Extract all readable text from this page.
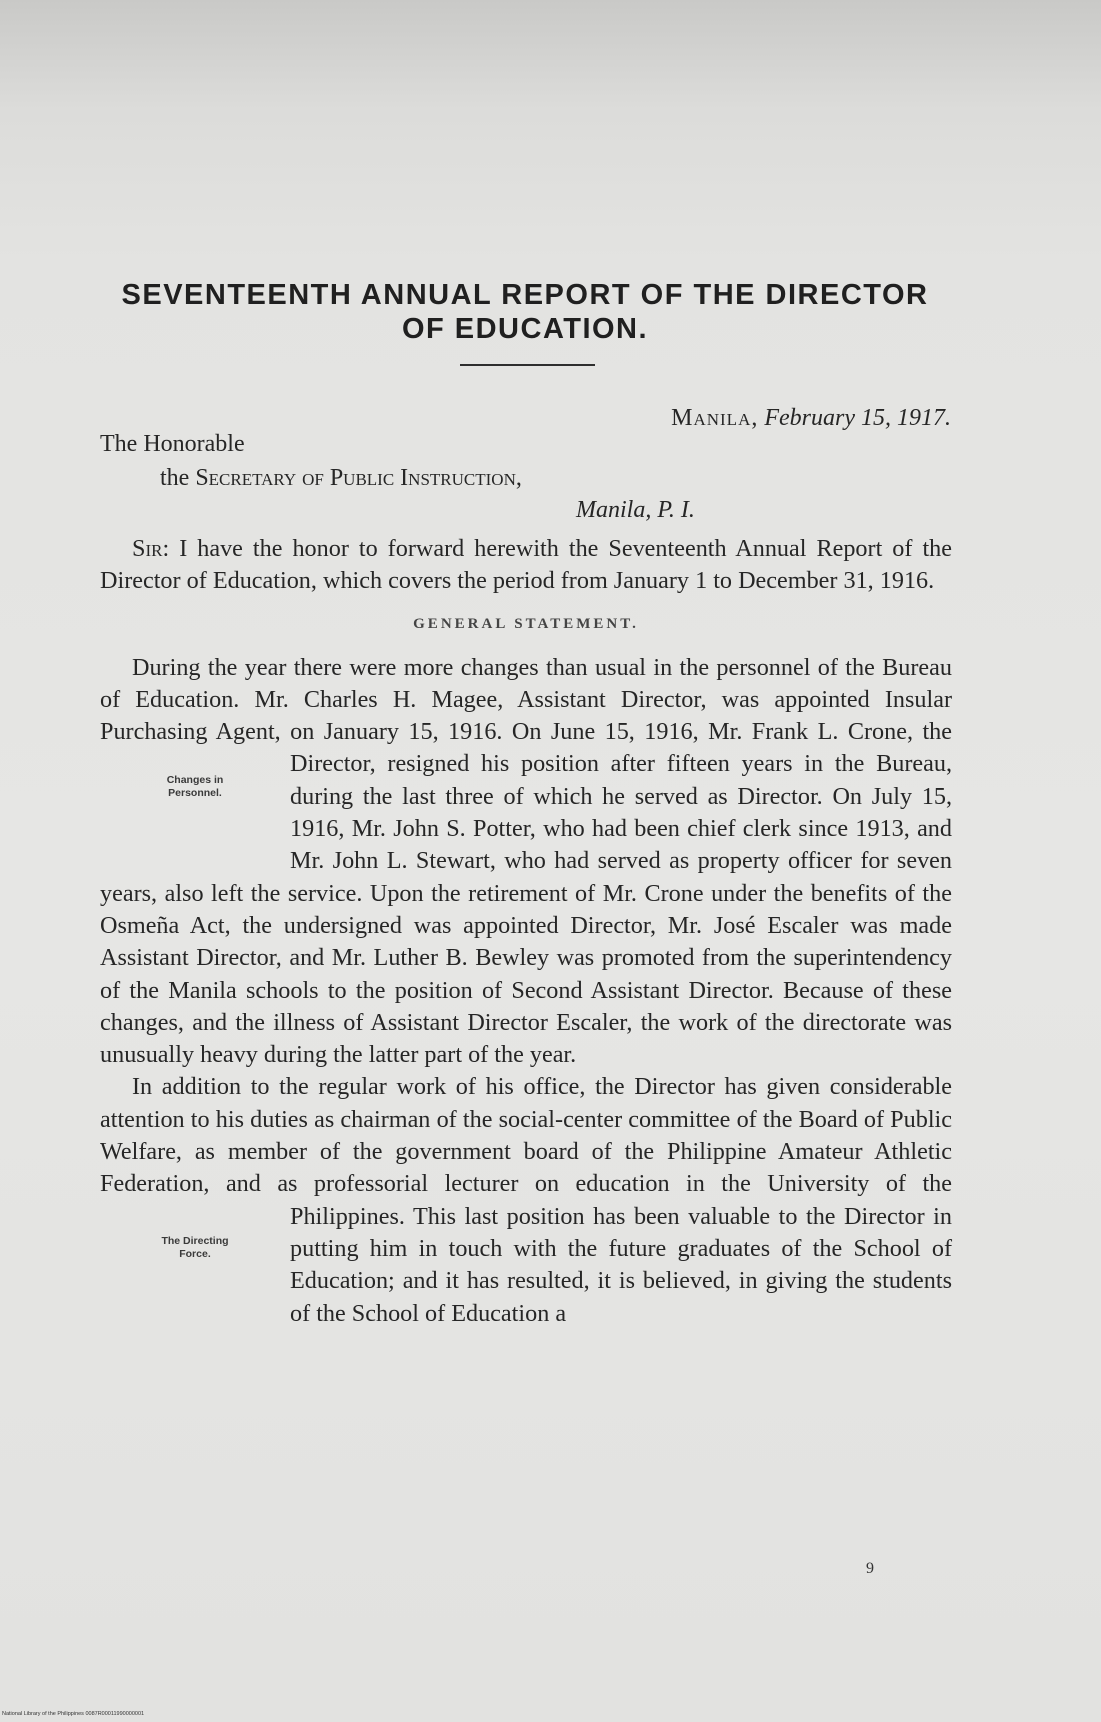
SEVENTEENTH ANNUAL REPORT OF THE DIRECTOR
OF EDUCATION.
Manila, February 15, 1917.
The Honorable
the Secretary of Public Instruction,
Manila, P. I.

Sir: I have the honor to forward herewith the Seventeenth Annual Report of the Director of Education, which covers the period from January 1 to December 31, 1916.

GENERAL STATEMENT.
Changes in
Personnel.
The Directing
Force.

During the year there were more changes than usual in the personnel of the Bureau of Education. Mr. Charles H. Magee, Assistant Director, was appointed Insular Purchasing Agent, on January 15, 1916. On June 15, 1916, Mr. Frank L. Crone, the Director, resigned his position after fifteen years in the Bureau, during the last three of which he served as Director. On July 15, 1916, Mr. John S. Potter, who had been chief clerk since 1913, and Mr. John L. Stewart, who had served as property officer for seven years, also left the service. Upon the retirement of Mr. Crone under the benefits of the Osmeña Act, the undersigned was appointed Director, Mr. José Escaler was made Assistant Director, and Mr. Luther B. Bewley was promoted from the superintendency of the Manila schools to the position of Second Assistant Director. Because of these changes, and the illness of Assistant Director Escaler, the work of the directorate was unusually heavy during the latter part of the year.

In addition to the regular work of his office, the Director has given considerable attention to his duties as chairman of the social-center committee of the Board of Public Welfare, as member of the government board of the Philippine Amateur Athletic Federation, and as professorial lecturer on education in the University of the Philippines. This last position has been valuable to the Director in putting him in touch with the future graduates of the School of Education; and it has resulted, it is believed, in giving the students of the School of Education a

9
National Library of the Philippines 0087R00011990000001
